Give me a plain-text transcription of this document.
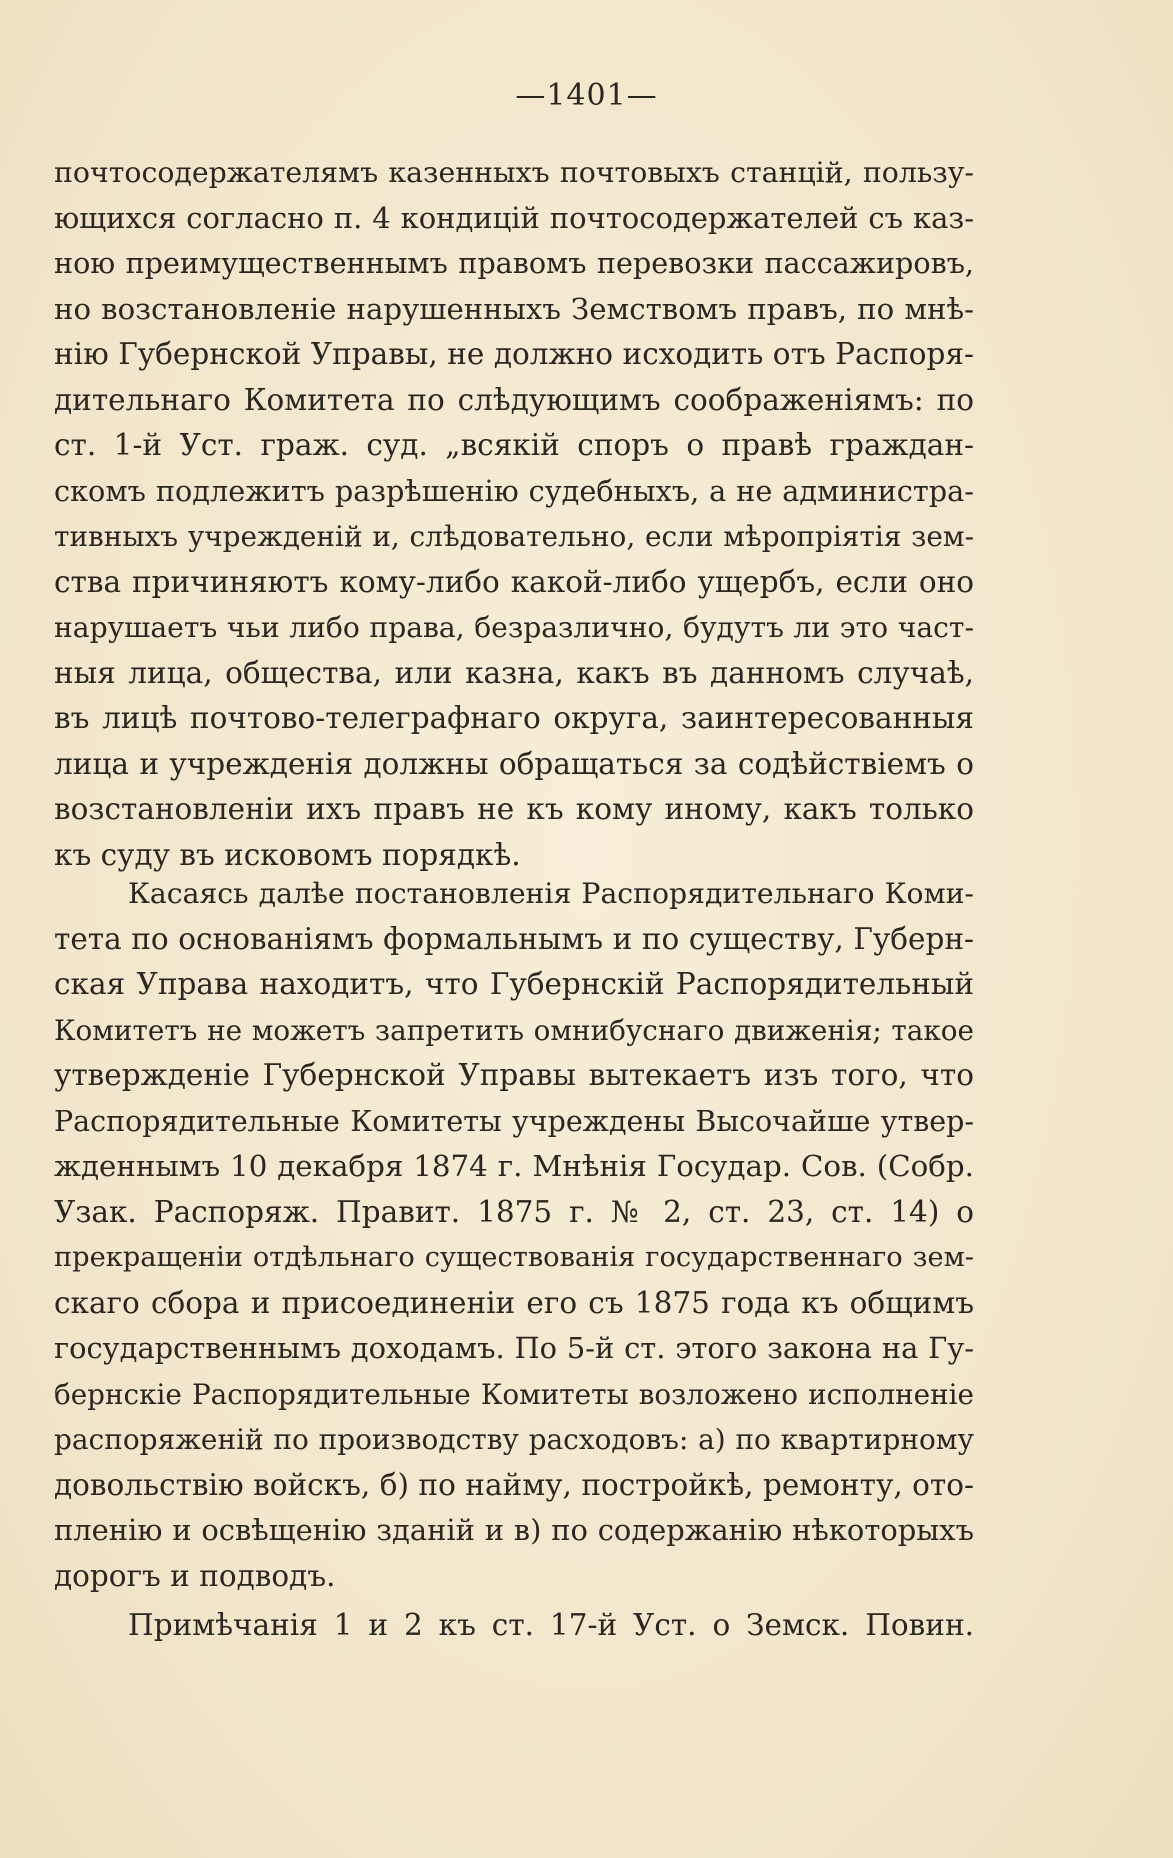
—1401—
почтосодержателямъ казенныхъ почтовыхъ станцій, пользу-
ющихся согласно п. 4 кондицій почтосодержателей съ каз-
ною преимущественнымъ правомъ перевозки пассажировъ,
но возстановленіе нарушенныхъ Земствомъ правъ, по мнѣ-
нію Губернской Управы, не должно исходить отъ Распоря-
дительнаго Комитета по слѣдующимъ соображеніямъ: по
ст. 1-й Уст. граж. суд. „всякій споръ о правѣ граждан-
скомъ подлежитъ разрѣшенію судебныхъ, а не администра-
тивныхъ учрежденій и, слѣдовательно, если мѣропріятія зем-
ства причиняютъ кому-либо какой-либо ущербъ, если оно
нарушаетъ чьи либо права, безразлично, будутъ ли это част-
ныя лица, общества, или казна, какъ въ данномъ случаѣ,
въ лицѣ почтово-телеграфнаго округа, заинтересованныя
лица и учрежденія должны обращаться за содѣйствіемъ о
возстановленіи ихъ правъ не къ кому иному, какъ только
къ суду въ исковомъ порядкѣ.
Касаясь далѣе постановленія Распорядительнаго Коми-
тета по основаніямъ формальнымъ и по существу, Губерн-
ская Управа находитъ, что Губернскій Распорядительный
Комитетъ не можетъ запретить омнибуснаго движенія; такое
утвержденіе Губернской Управы вытекаетъ изъ того, что
Распорядительные Комитеты учреждены Высочайше утвер-
жденнымъ 10 декабря 1874 г. Мнѣнія Государ. Сов. (Собр.
Узак. Распоряж. Правит. 1875 г. № 2, ст. 23, ст. 14) о
прекращеніи отдѣльнаго существованія государственнаго зем-
скаго сбора и присоединеніи его съ 1875 года къ общимъ
государственнымъ доходамъ. По 5-й ст. этого закона на Гу-
бернскіе Распорядительные Комитеты возложено исполненіе
распоряженій по производству расходовъ: а) по квартирному
довольствію войскъ, б) по найму, постройкѣ, ремонту, ото-
пленію и освѣщенію зданій и в) по содержанію нѣкоторыхъ
дорогъ и подводъ.
Примѣчанія 1 и 2 къ ст. 17-й Уст. о Земск. Повин.
